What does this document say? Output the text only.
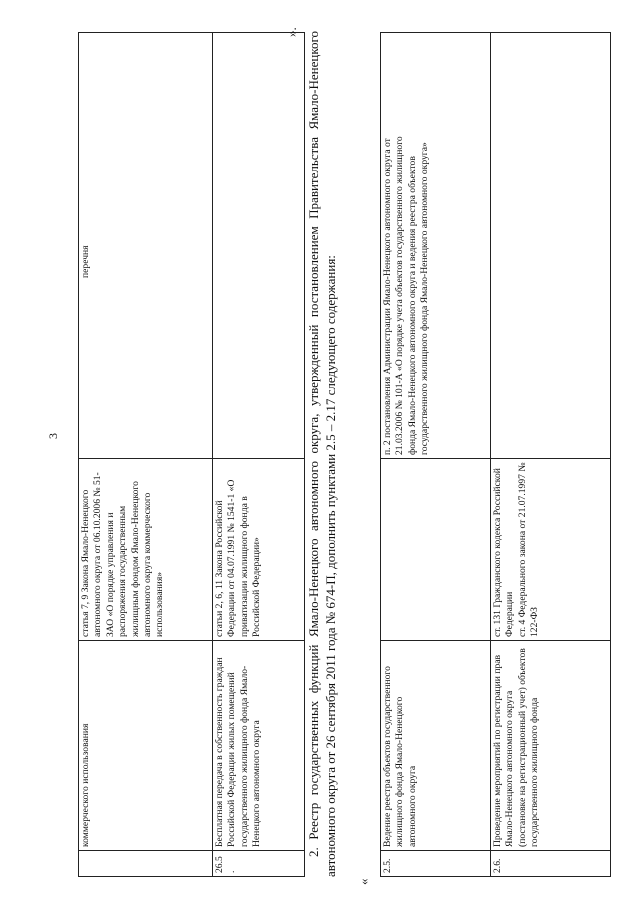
3
	коммерческого использования	статья 7, 9 Закона Ямало-Ненецкого автономного округа от 06.10.2006 № 51-ЗАО «О порядке управления и распоряжения государственным жилищным фондом Ямало-Ненецкого автономного округа коммерческого использования»	перечня
26.5.	Бесплатная передача в собственность граждан Российской Федерации жилых помещений государственного жилищного фонда Ямало-Ненецкого автономного округа	статьи 2, 6, 11 Закона Российской Федерации от 04.07.1991 № 1541-1 «О приватизации жилищного фонда в Российской Федерации»	
». 2. Реестр государственных функций Ямало-Ненецкого автономного округа, утвержденный постановлением Правительства Ямало-Ненецкого автономного округа от 26 сентября 2011 года № 674-П, дополнить пунктами 2.5 – 2.17 следующего содержания:

«
2.5.	Ведение реестра объектов государственного жилищного фонда Ямало-Ненецкого автономного округа		п. 2 постановления Администрации Ямало-Ненецкого автономного округа от 21.03.2006 № 101-А «О порядке учета объектов государственного жилищного фонда Ямало-Ненецкого автономного округа и ведения реестра объектов государственного жилищного фонда Ямало-Ненецкого автономного округа»
2.6.	Проведение мероприятий по регистрации прав Ямало-Ненецкого автономного округа (постановке на регистрационный учет) объектов государственного жилищного фонда	ст. 131 Гражданского кодекса Российской Федерации
ст. 4 Федерального закона от 21.07.1997 № 122-ФЗ	
